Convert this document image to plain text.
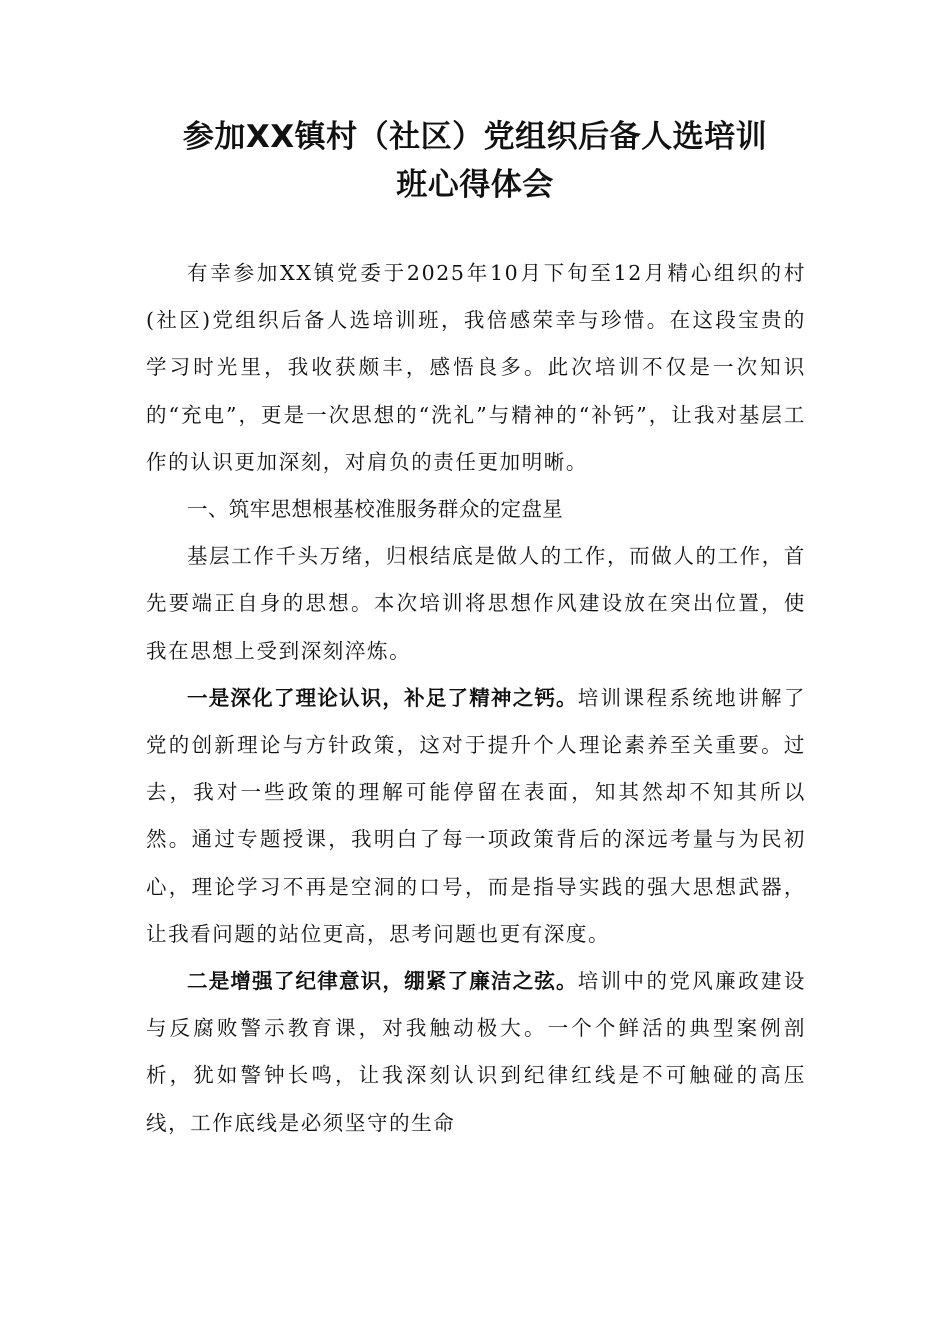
参加XX镇村（社区）党组织后备人选培训
班心得体会

有幸参加XX镇党委于2025年10月下旬至12月精心组织的村(社区)党组织后备人选培训班，我倍感荣幸与珍惜。在这段宝贵的学习时光里，我收获颇丰，感悟良多。此次培训不仅是一次知识的“充电”，更是一次思想的“洗礼”与精神的“补钙”，让我对基层工作的认识更加深刻，对肩负的责任更加明晰。

一、筑牢思想根基校准服务群众的定盘星

基层工作千头万绪，归根结底是做人的工作，而做人的工作，首先要端正自身的思想。本次培训将思想作风建设放在突出位置，使我在思想上受到深刻淬炼。

一是深化了理论认识，补足了精神之钙。培训课程系统地讲解了党的创新理论与方针政策，这对于提升个人理论素养至关重要。过去，我对一些政策的理解可能停留在表面，知其然却不知其所以然。通过专题授课，我明白了每一项政策背后的深远考量与为民初心，理论学习不再是空洞的口号，而是指导实践的强大思想武器，让我看问题的站位更高，思考问题也更有深度。

二是增强了纪律意识，绷紧了廉洁之弦。培训中的党风廉政建设与反腐败警示教育课，对我触动极大。一个个鲜活的典型案例剖析，犹如警钟长鸣，让我深刻认识到纪律红线是不可触碰的高压线，工作底线是必须坚守的生命
